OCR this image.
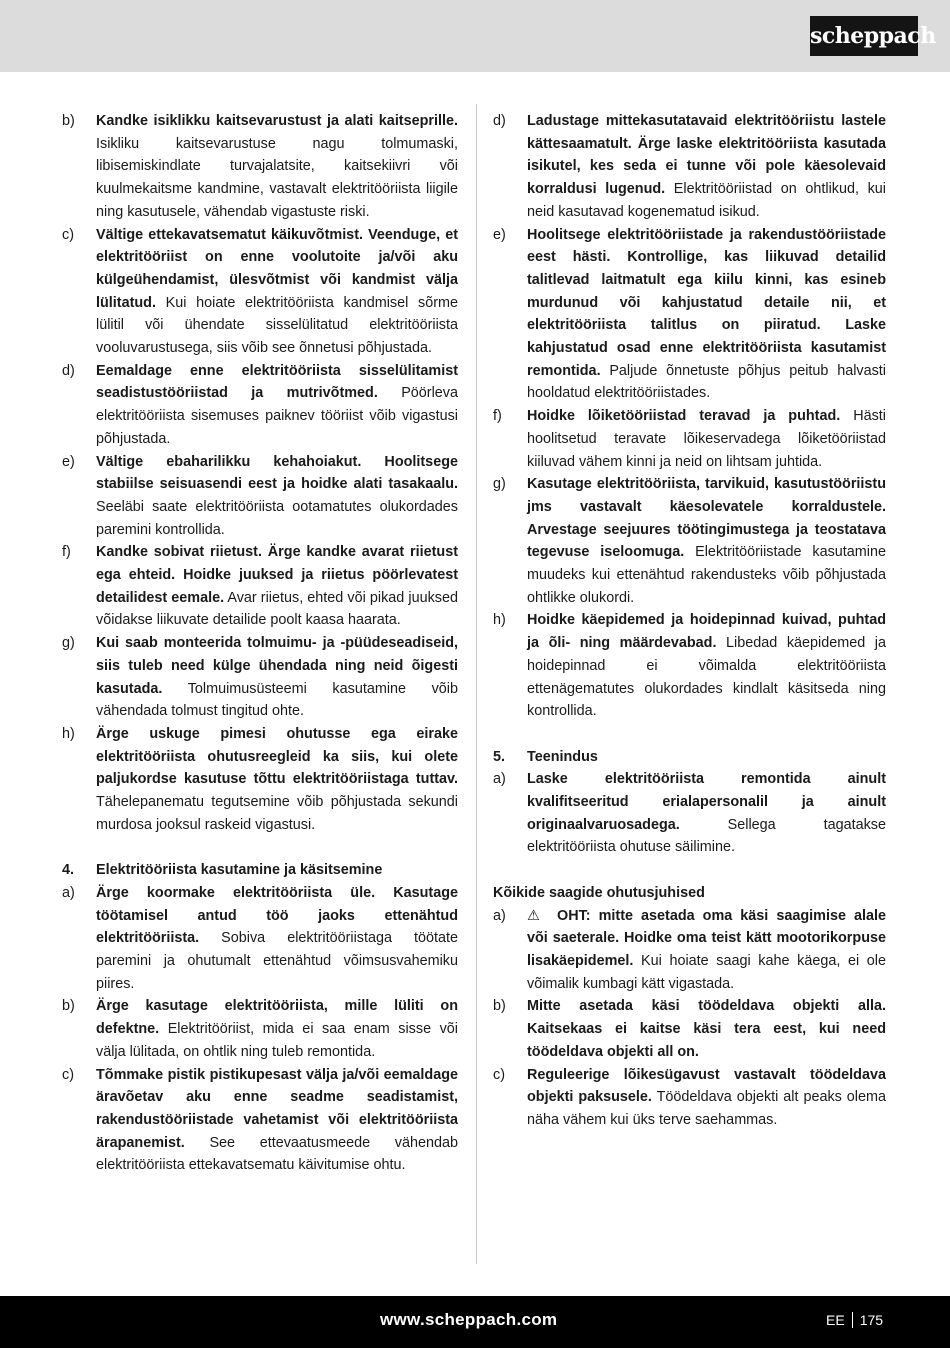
scheppach
b)	Kandke isiklikku kaitsevarustust ja alati kaitseprille. Isikliku kaitsevarustuse nagu tolmumaski, libisemiskindlate turvajalatsite, kaitsekiivri või kuulmekaitsme kandmine, vastavalt elektritööriista liigile ning kasutusele, vähendab vigastuste riski.
c)	Vältige ettekavatsematut käikuvõtmist. Veenduge, et elektritööriist on enne voolutoite ja/või aku külgeühendamist, ülesvõtmist või kandmist välja lülitatud. Kui hoiate elektritööriista kandmisel sõrme lülitil või ühendate sisselülitatud elektritööriista vooluvarustusega, siis võib see õnnetusi põhjustada.
d)	Eemaldage enne elektritööriista sisselülitamist seadistustööriistad ja mutrivõtmed. Pöörleva elektritööriista sisemuses paiknev tööriist võib vigastusi põhjustada.
e)	Vältige ebaharilikku kehahoiakut. Hoolitsege stabiilse seisuasendi eest ja hoidke alati tasakaalu. Seeläbi saate elektritööriista ootamatutes olukordades paremini kontrollida.
f)	Kandke sobivat riietust. Ärge kandke avarat riietust ega ehteid. Hoidke juuksed ja riietus pöörlevatest detailidest eemale. Avar riietus, ehted või pikad juuksed võidakse liikuvate detailide poolt kaasa haarata.
g)	Kui saab monteerida tolmuimu- ja -püüdeseadiseid, siis tuleb need külge ühendada ning neid õigesti kasutada. Tolmuimusüsteemi kasutamine võib vähendada tolmust tingitud ohte.
h)	Ärge uskuge pimesi ohutusse ega eirake elektritööriista ohutusreegleid ka siis, kui olete paljukordse kasutuse tõttu elektritööriistaga tuttav. Tähelepanematu tegutsemine võib põhjustada sekundi murdosa jooksul raskeid vigastusi.
4.	Elektritööriista kasutamine ja käsitsemine
a)	Ärge koormake elektritööriista üle. Kasutage töötamisel antud töö jaoks ettenähtud elektritööriista. Sobiva elektritööriistaga töötate paremini ja ohutumalt ettenähtud võimsusvahemiku piires.
b)	Ärge kasutage elektritööriista, mille lüliti on defektne. Elektritööriist, mida ei saa enam sisse või välja lülitada, on ohtlik ning tuleb remontida.
c)	Tõmmake pistik pistikupesast välja ja/või eemaldage äravõetav aku enne seadme seadistamist, rakendustööriistade vahetamist või elektritööriista ärapanemist. See ettevaatusmeede vähendab elektritööriista ettekavatsematu käivitumise ohtu.
d)	Ladustage mittekasutatavaid elektritööriistu lastele kättesaamatult. Ärge laske elektritööriista kasutada isikutel, kes seda ei tunne või pole käesolevaid korraldusi lugenud. Elektritööriistad on ohtlikud, kui neid kasutavad kogenematud isikud.
e)	Hoolitsege elektritööriistade ja rakendustööriistade eest hästi. Kontrollige, kas liikuvad detailid talitlevad laitmatult ega kiilu kinni, kas esineb murdunud või kahjustatud detaile nii, et elektritööriista talitlus on piiratud. Laske kahjustatud osad enne elektritööriista kasutamist remontida. Paljude õnnetuste põhjus peitub halvasti hooldatud elektritööriistades.
f)	Hoidke lõiketööriistad teravad ja puhtad. Hästi hoolitsetud teravate lõikeservadega lõiketööriistad kiiluvad vähem kinni ja neid on lihtsam juhtida.
g)	Kasutage elektritööriista, tarvikuid, kasutustööriistu jms vastavalt käesolevatele korraldustele. Arvestage seejuures töötingimustega ja teostatava tegevuse iseloomuga. Elektritööriistade kasutamine muudeks kui ettenähtud rakendusteks võib põhjustada ohtlikke olukordi.
h)	Hoidke käepidemed ja hoidepinnad kuivad, puhtad ja õli- ning määrdevabad. Libedad käepidemed ja hoidepinnad ei võimalda elektritööriista ettenägematutes olukordades kindlalt käsitseda ning kontrollida.
5.	Teenindus
a)	Laske elektritööriista remontida ainult kvalifitseeritud erialapersonalil ja ainult originaalvaruosadega. Sellega tagatakse elektritööriista ohutuse säilimine.
Kõikide saagide ohutusjuhised
a)	⚠ OHT: mitte asetada oma käsi saagimise alale või saeterale. Hoidke oma teist kätt mootorikorpuse lisakäepidemel. Kui hoiate saagi kahe käega, ei ole võimalik kumbagi kätt vigastada.
b)	Mitte asetada käsi töödeldava objekti alla. Kaitsekaas ei kaitse käsi tera eest, kui need töödeldava objekti all on.
c)	Reguleerige lõikesügavust vastavalt töödeldava objekti paksusele. Töödeldava objekti alt peaks olema näha vähem kui üks terve saehammas.
www.scheppach.com	EE 175
